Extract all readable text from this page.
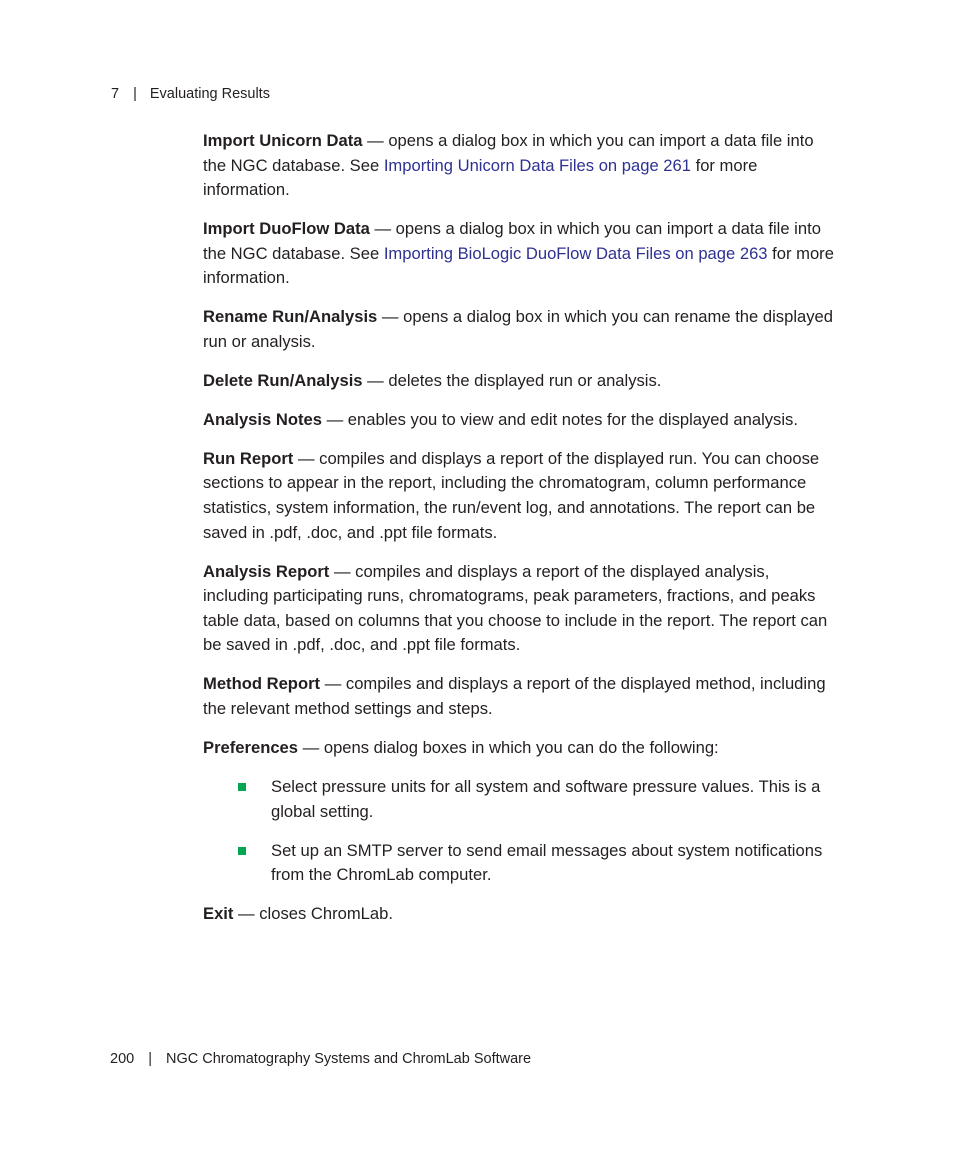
7 | Evaluating Results

Import Unicorn Data — opens a dialog box in which you can import a data file into the NGC database. See Importing Unicorn Data Files on page 261 for more information.

Import DuoFlow Data — opens a dialog box in which you can import a data file into the NGC database. See Importing BioLogic DuoFlow Data Files on page 263 for more information.

Rename Run/Analysis — opens a dialog box in which you can rename the displayed run or analysis.

Delete Run/Analysis — deletes the displayed run or analysis.

Analysis Notes — enables you to view and edit notes for the displayed analysis.

Run Report — compiles and displays a report of the displayed run. You can choose sections to appear in the report, including the chromatogram, column performance statistics, system information, the run/event log, and annotations. The report can be saved in .pdf, .doc, and .ppt file formats.

Analysis Report — compiles and displays a report of the displayed analysis, including participating runs, chromatograms, peak parameters, fractions, and peaks table data, based on columns that you choose to include in the report. The report can be saved in .pdf, .doc, and .ppt file formats.

Method Report — compiles and displays a report of the displayed method, including the relevant method settings and steps.

Preferences — opens dialog boxes in which you can do the following:

Select pressure units for all system and software pressure values. This is a global setting.
Set up an SMTP server to send email messages about system notifications from the ChromLab computer.

Exit — closes ChromLab.

200 | NGC Chromatography Systems and ChromLab Software
